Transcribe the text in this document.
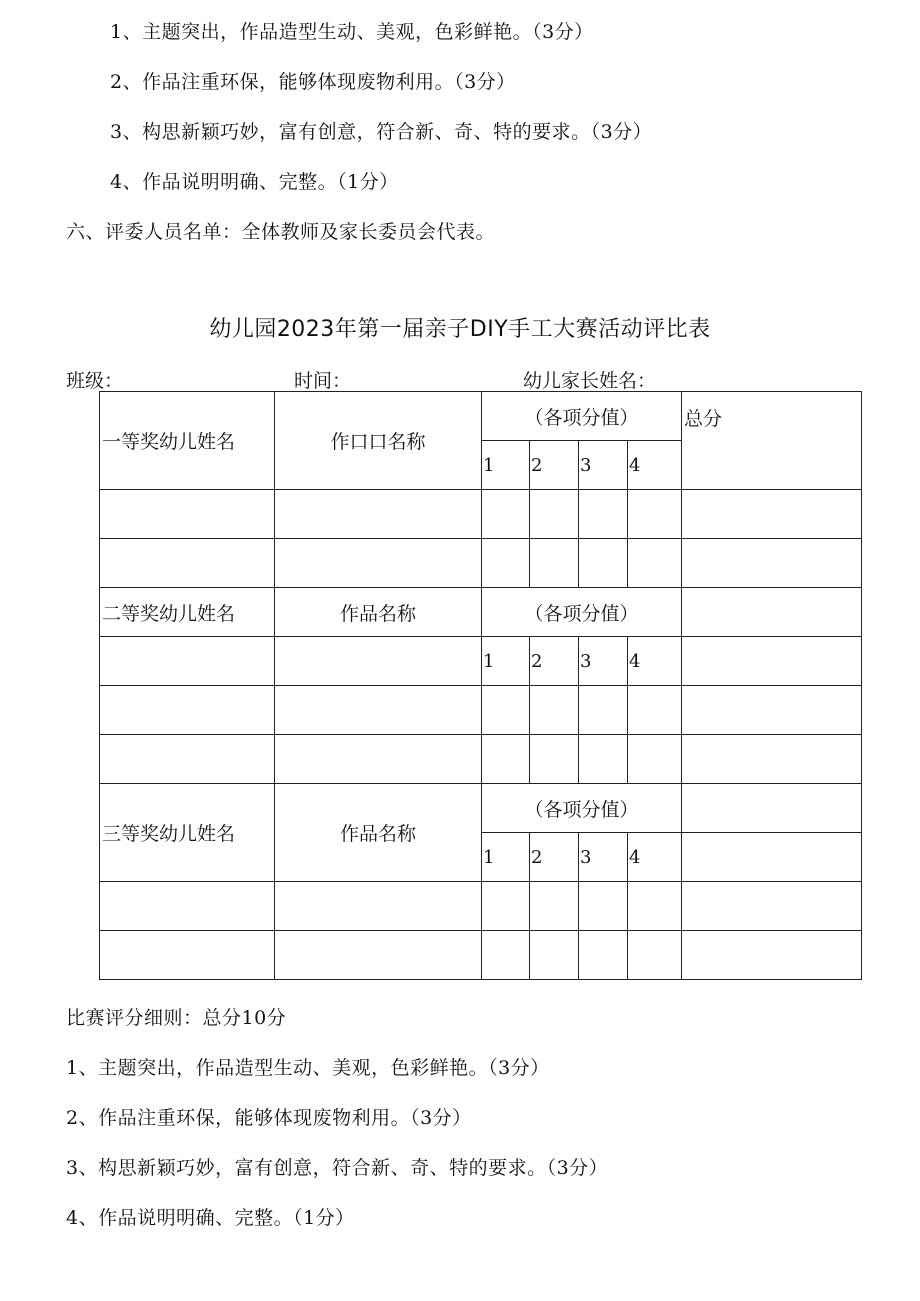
1、主题突出，作品造型生动、美观，色彩鲜艳。（3分）
2、作品注重环保，能够体现废物利用。（3分）
3、构思新颖巧妙，富有创意，符合新、奇、特的要求。（3分）
4、作品说明明确、完整。（1分）
六、评委人员名单：全体教师及家长委员会代表。
幼儿园2023年第一届亲子DIY手工大赛活动评比表
班级：	时间：	幼儿家长姓名：
一等奖幼儿姓名	作口口名称	（各项分值）				总分
		1	2	3	4	

二等奖幼儿姓名	作品名称	（各项分值）				
		1	2	3	4	

三等奖幼儿姓名	作品名称	（各项分值）				
		1	2	3	4	

比赛评分细则：总分10分
1、主题突出，作品造型生动、美观，色彩鲜艳。（3分）
2、作品注重环保，能够体现废物利用。（3分）
3、构思新颖巧妙，富有创意，符合新、奇、特的要求。（3分）
4、作品说明明确、完整。（1分）
